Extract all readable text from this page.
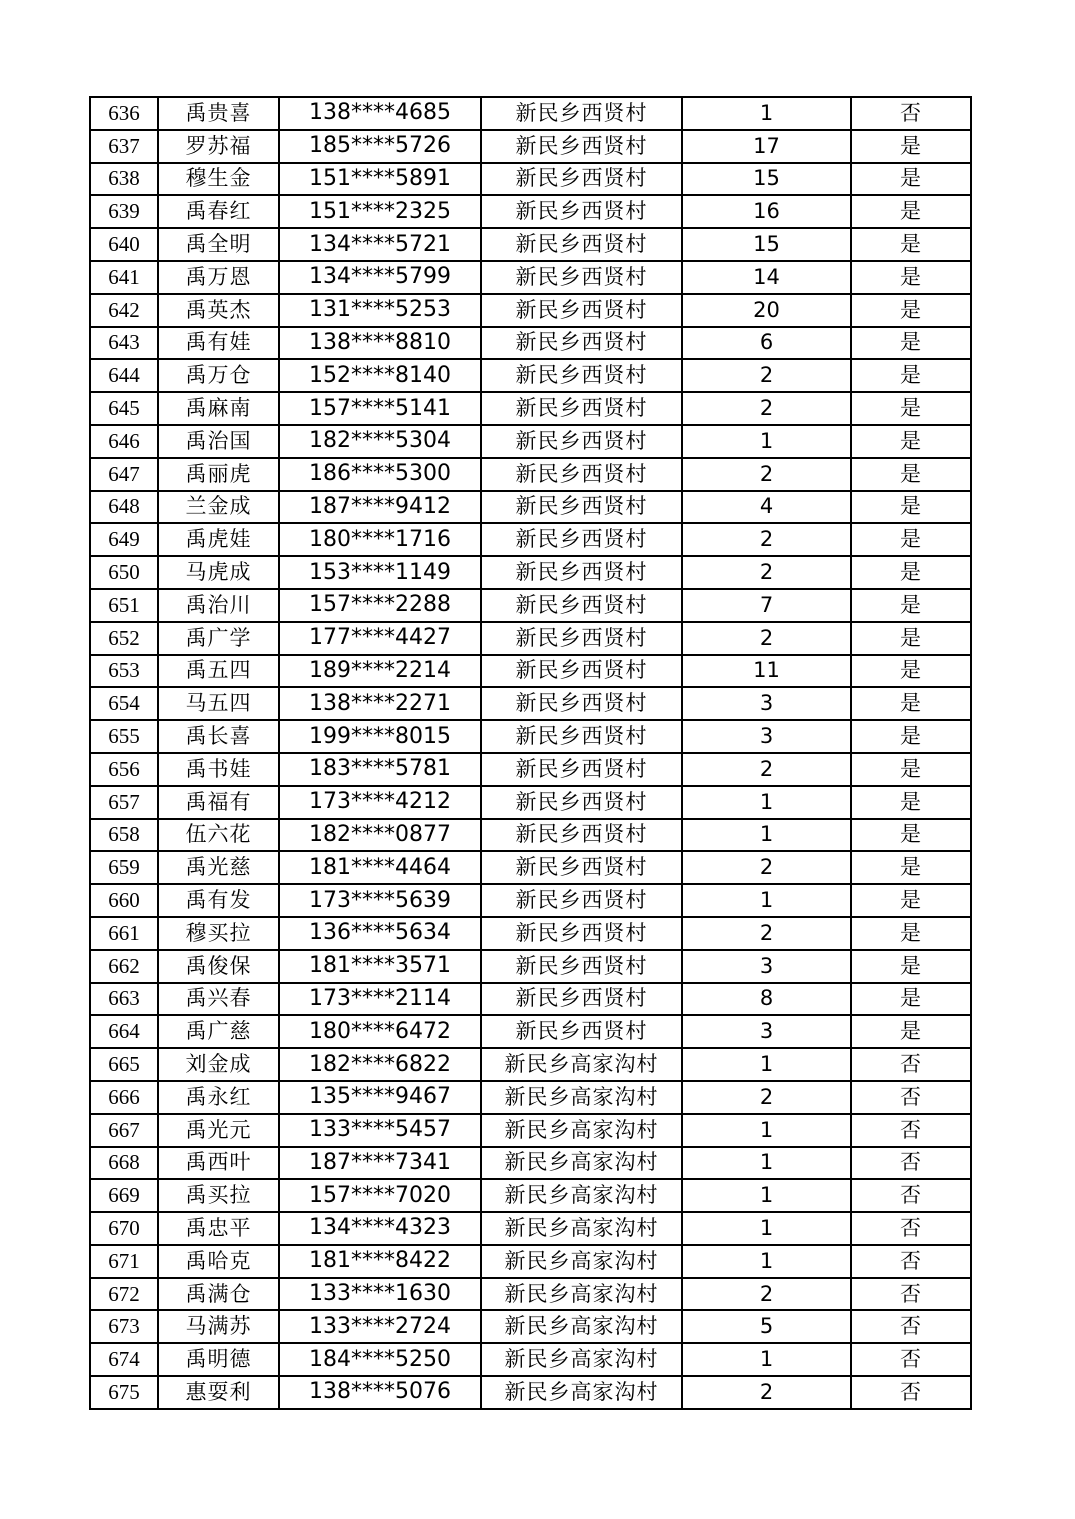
636	禹贵喜	138****4685	新民乡西贤村	1	否
637	罗苏福	185****5726	新民乡西贤村	17	是
638	穆生金	151****5891	新民乡西贤村	15	是
639	禹春红	151****2325	新民乡西贤村	16	是
640	禹全明	134****5721	新民乡西贤村	15	是
641	禹万恩	134****5799	新民乡西贤村	14	是
642	禹英杰	131****5253	新民乡西贤村	20	是
643	禹有娃	138****8810	新民乡西贤村	6	是
644	禹万仓	152****8140	新民乡西贤村	2	是
645	禹麻南	157****5141	新民乡西贤村	2	是
646	禹治国	182****5304	新民乡西贤村	1	是
647	禹丽虎	186****5300	新民乡西贤村	2	是
648	兰金成	187****9412	新民乡西贤村	4	是
649	禹虎娃	180****1716	新民乡西贤村	2	是
650	马虎成	153****1149	新民乡西贤村	2	是
651	禹治川	157****2288	新民乡西贤村	7	是
652	禹广学	177****4427	新民乡西贤村	2	是
653	禹五四	189****2214	新民乡西贤村	11	是
654	马五四	138****2271	新民乡西贤村	3	是
655	禹长喜	199****8015	新民乡西贤村	3	是
656	禹书娃	183****5781	新民乡西贤村	2	是
657	禹福有	173****4212	新民乡西贤村	1	是
658	伍六花	182****0877	新民乡西贤村	1	是
659	禹光慈	181****4464	新民乡西贤村	2	是
660	禹有发	173****5639	新民乡西贤村	1	是
661	穆买拉	136****5634	新民乡西贤村	2	是
662	禹俊保	181****3571	新民乡西贤村	3	是
663	禹兴春	173****2114	新民乡西贤村	8	是
664	禹广慈	180****6472	新民乡西贤村	3	是
665	刘金成	182****6822	新民乡高家沟村	1	否
666	禹永红	135****9467	新民乡高家沟村	2	否
667	禹光元	133****5457	新民乡高家沟村	1	否
668	禹西叶	187****7341	新民乡高家沟村	1	否
669	禹买拉	157****7020	新民乡高家沟村	1	否
670	禹忠平	134****4323	新民乡高家沟村	1	否
671	禹哈克	181****8422	新民乡高家沟村	1	否
672	禹满仓	133****1630	新民乡高家沟村	2	否
673	马满苏	133****2724	新民乡高家沟村	5	否
674	禹明德	184****5250	新民乡高家沟村	1	否
675	惠耍利	138****5076	新民乡高家沟村	2	否
